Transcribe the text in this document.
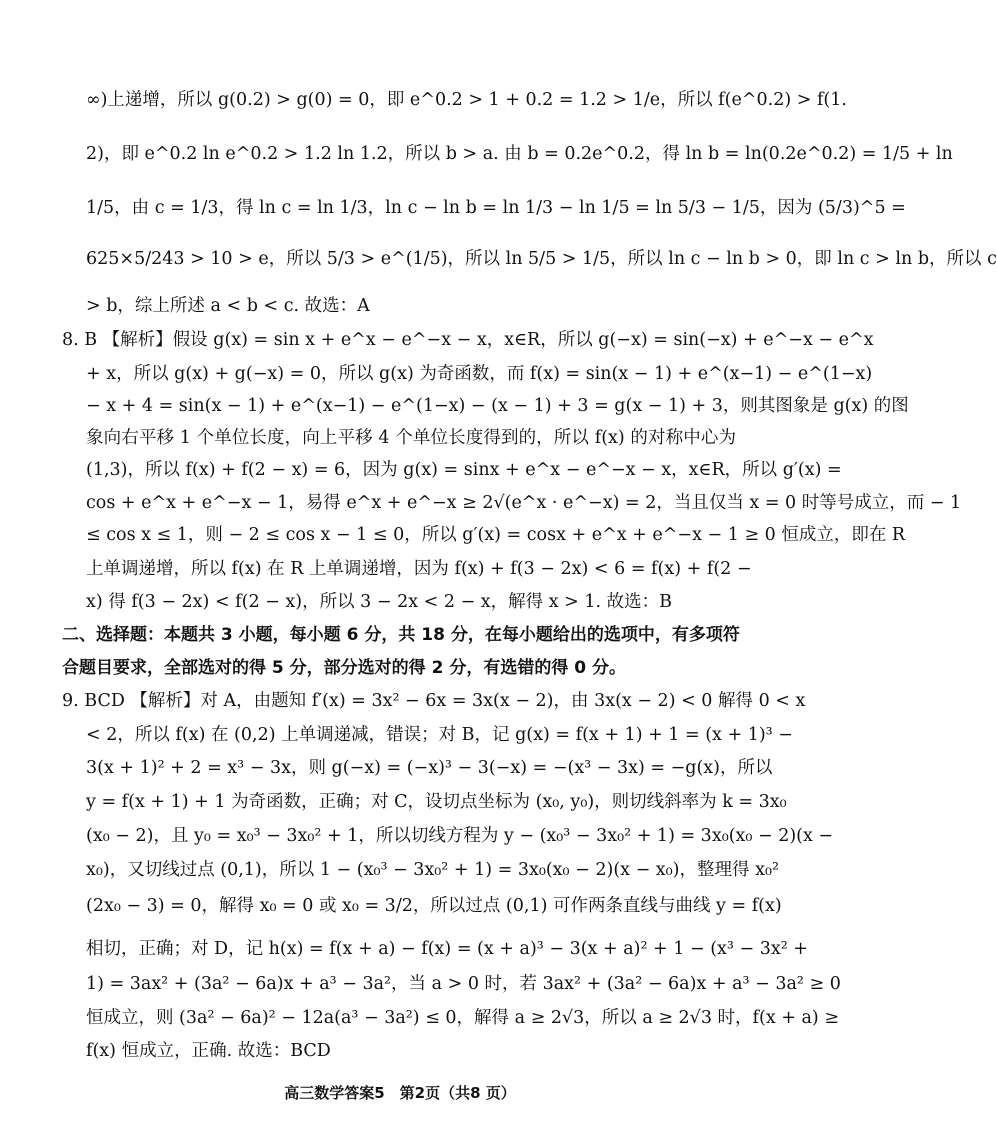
∞)上递增，所以 g(0.2) > g(0) = 0，即 e^0.2 > 1 + 0.2 = 1.2 > 1/e，所以 f(e^0.2) > f(1.
2)，即 e^0.2 ln e^0.2 > 1.2 ln 1.2，所以 b > a. 由 b = 0.2e^0.2，得 ln b = ln(0.2e^0.2) = 1/5 + ln
1/5，由 c = 1/3，得 ln c = ln 1/3，ln c − ln b = ln 1/3 − ln 1/5 = ln 5/3 − 1/5，因为 (5/3)^5 =
625×5/243 > 10 > e，所以 5/3 > e^(1/5)，所以 ln 5/5 > 1/5，所以 ln c − ln b > 0，即 ln c > ln b，所以 c
> b，综上所述 a < b < c. 故选：A
8. B 【解析】假设 g(x) = sin x + e^x − e^−x − x，x∈R，所以 g(−x) = sin(−x) + e^−x − e^x
+ x，所以 g(x) + g(−x) = 0，所以 g(x) 为奇函数，而 f(x) = sin(x − 1) + e^(x−1) − e^(1−x)
− x + 4 = sin(x − 1) + e^(x−1) − e^(1−x) − (x − 1) + 3 = g(x − 1) + 3，则其图象是 g(x) 的图
象向右平移 1 个单位长度，向上平移 4 个单位长度得到的，所以 f(x) 的对称中心为
(1,3)，所以 f(x) + f(2 − x) = 6，因为 g(x) = sinx + e^x − e^−x − x，x∈R，所以 g′(x) =
cos + e^x + e^−x − 1，易得 e^x + e^−x ≥ 2√(e^x · e^−x) = 2，当且仅当 x = 0 时等号成立，而 − 1
≤ cos x ≤ 1，则 − 2 ≤ cos x − 1 ≤ 0，所以 g′(x) = cosx + e^x + e^−x − 1 ≥ 0 恒成立，即在 R
上单调递增，所以 f(x) 在 R 上单调递增，因为 f(x) + f(3 − 2x) < 6 = f(x) + f(2 −
x) 得 f(3 − 2x) < f(2 − x)，所以 3 − 2x < 2 − x，解得 x > 1. 故选：B
二、选择题：本题共 3 小题，每小题 6 分，共 18 分，在每小题给出的选项中，有多项符
合题目要求，全部选对的得 5 分，部分选对的得 2 分，有选错的得 0 分。
9. BCD 【解析】对 A，由题知 f′(x) = 3x² − 6x = 3x(x − 2)，由 3x(x − 2) < 0 解得 0 < x
< 2，所以 f(x) 在 (0,2) 上单调递减，错误；对 B，记 g(x) = f(x + 1) + 1 = (x + 1)³ −
3(x + 1)² + 2 = x³ − 3x，则 g(−x) = (−x)³ − 3(−x) = −(x³ − 3x) = −g(x)，所以
y = f(x + 1) + 1 为奇函数，正确；对 C，设切点坐标为 (x₀, y₀)，则切线斜率为 k = 3x₀
(x₀ − 2)，且 y₀ = x₀³ − 3x₀² + 1，所以切线方程为 y − (x₀³ − 3x₀² + 1) = 3x₀(x₀ − 2)(x −
x₀)，又切线过点 (0,1)，所以 1 − (x₀³ − 3x₀² + 1) = 3x₀(x₀ − 2)(x − x₀)，整理得 x₀²
(2x₀ − 3) = 0，解得 x₀ = 0 或 x₀ = 3/2，所以过点 (0,1) 可作两条直线与曲线 y = f(x)
相切，正确；对 D，记 h(x) = f(x + a) − f(x) = (x + a)³ − 3(x + a)² + 1 − (x³ − 3x² +
1) = 3ax² + (3a² − 6a)x + a³ − 3a²，当 a > 0 时，若 3ax² + (3a² − 6a)x + a³ − 3a² ≥ 0
恒成立，则 (3a² − 6a)² − 12a(a³ − 3a²) ≤ 0，解得 a ≥ 2√3，所以 a ≥ 2√3 时，f(x + a) ≥
f(x) 恒成立，正确. 故选：BCD
高三数学答案5　第2页（共8 页）
